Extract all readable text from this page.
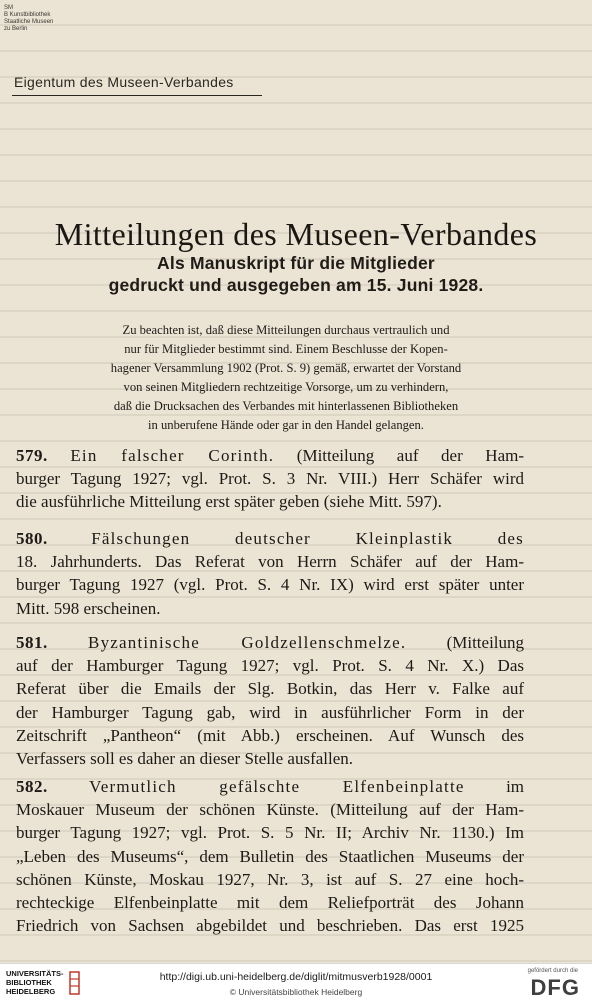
SM
B Kunstbibliothek
Staatliche Museen
zu Berlin
Eigentum des Museen-Verbandes
Mitteilungen des Museen-Verbandes
Als Manuskript für die Mitglieder
gedruckt und ausgegeben am 15. Juni 1928.
Zu beachten ist, daß diese Mitteilungen durchaus vertraulich und
nur für Mitglieder bestimmt sind. Einem Beschlusse der Kopen-
hagener Versammlung 1902 (Prot. S. 9) gemäß, erwartet der Vorstand
von seinen Mitgliedern rechtzeitige Vorsorge, um zu verhindern,
daß die Drucksachen des Verbandes mit hinterlassenen Bibliotheken
in unberufene Hände oder gar in den Handel gelangen.
579. Ein falscher Corinth. (Mitteilung auf der Ham-
burger Tagung 1927; vgl. Prot. S. 3 Nr. VIII.) Herr Schäfer wird
die ausführliche Mitteilung erst später geben (siehe Mitt. 597).
580.	Fälschungen deutscher Kleinplastik des
18. Jahrhunderts. Das Referat von Herrn Schäfer auf der Ham-
burger Tagung 1927 (vgl. Prot. S. 4 Nr. IX) wird erst später unter
Mitt. 598 erscheinen.
581. Byzantinische Goldzellenschmelze. (Mitteilung
auf der Hamburger Tagung 1927; vgl. Prot. S. 4 Nr. X.) Das
Referat über die Emails der Slg. Botkin, das Herr v. Falke auf
der Hamburger Tagung gab, wird in ausführlicher Form in der
Zeitschrift „Pantheon“ (mit Abb.) erscheinen. Auf Wunsch des
Verfassers soll es daher an dieser Stelle ausfallen.
582. Vermutlich gefälschte Elfenbeinplatte im
Moskauer Museum der schönen Künste. (Mitteilung auf der Ham-
burger Tagung 1927; vgl. Prot. S. 5 Nr. II; Archiv Nr. 1130.) Im
„Leben des Museums“, dem Bulletin des Staatlichen Museums der
schönen Künste, Moskau 1927, Nr. 3, ist auf S. 27 eine hoch-
rechteckige Elfenbeinplatte mit dem Reliefporträt des Johann
Friedrich von Sachsen abgebildet und beschrieben. Das erst 1925
UNIVERSITÄTS-
BIBLIOTHEK
HEIDELBERG
http://digi.ub.uni-heidelberg.de/diglit/mitmusverb1928/0001
© Universitätsbibliothek Heidelberg
gefördert durch die
DFG
